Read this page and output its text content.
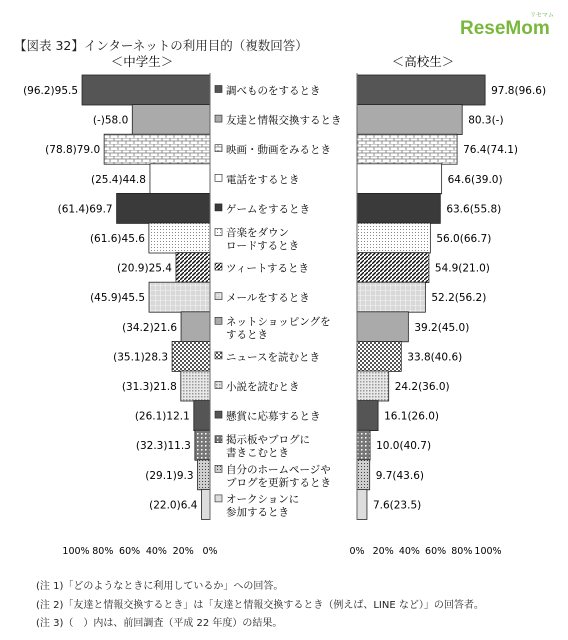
リセマム
ReseMom
【図表 32】インターネットの利用目的（複数回答）
＜中学生＞	＜高校生＞
(96.2)95.5
(-)58.0
(78.8)79.0
(25.4)44.8
(61.4)69.7
(61.6)45.6
(20.9)25.4
(45.9)45.5
(34.2)21.6
(35.1)28.3
(31.3)21.8
(26.1)12.1
(32.3)11.3
(29.1)9.3
(22.0)6.4
97.8(96.6)
80.3(-)
76.4(74.1)
64.6(39.0)
63.6(55.8)
56.0(66.7)
54.9(21.0)
52.2(56.2)
39.2(45.0)
33.8(40.6)
24.2(36.0)
16.1(26.0)
10.0(40.7)
9.7(43.6)
7.6(23.5)
調べものをするとき
友達と情報交換するとき
映画・動画をみるとき
電話をするとき
ゲームをするとき
音楽をダウン
ロードするとき
ツィートするとき
メールをするとき
ネットショッピングを
するとき
ニュースを読むとき
小説を読むとき
懸賞に応募するとき
掲示板やブログに
書きこむとき
自分のホームページや
ブログを更新するとき
オークションに
参加するとき
100% 80% 60% 40% 20% 0%	0% 20% 40% 60% 80% 100%
(注 1)「どのようなときに利用しているか」への回答。
(注 2)「友達と情報交換するとき」は「友達と情報交換するとき（例えば、LINE など）」の回答者。
(注 3)（　）内は、前回調査（平成 22 年度）の結果。
